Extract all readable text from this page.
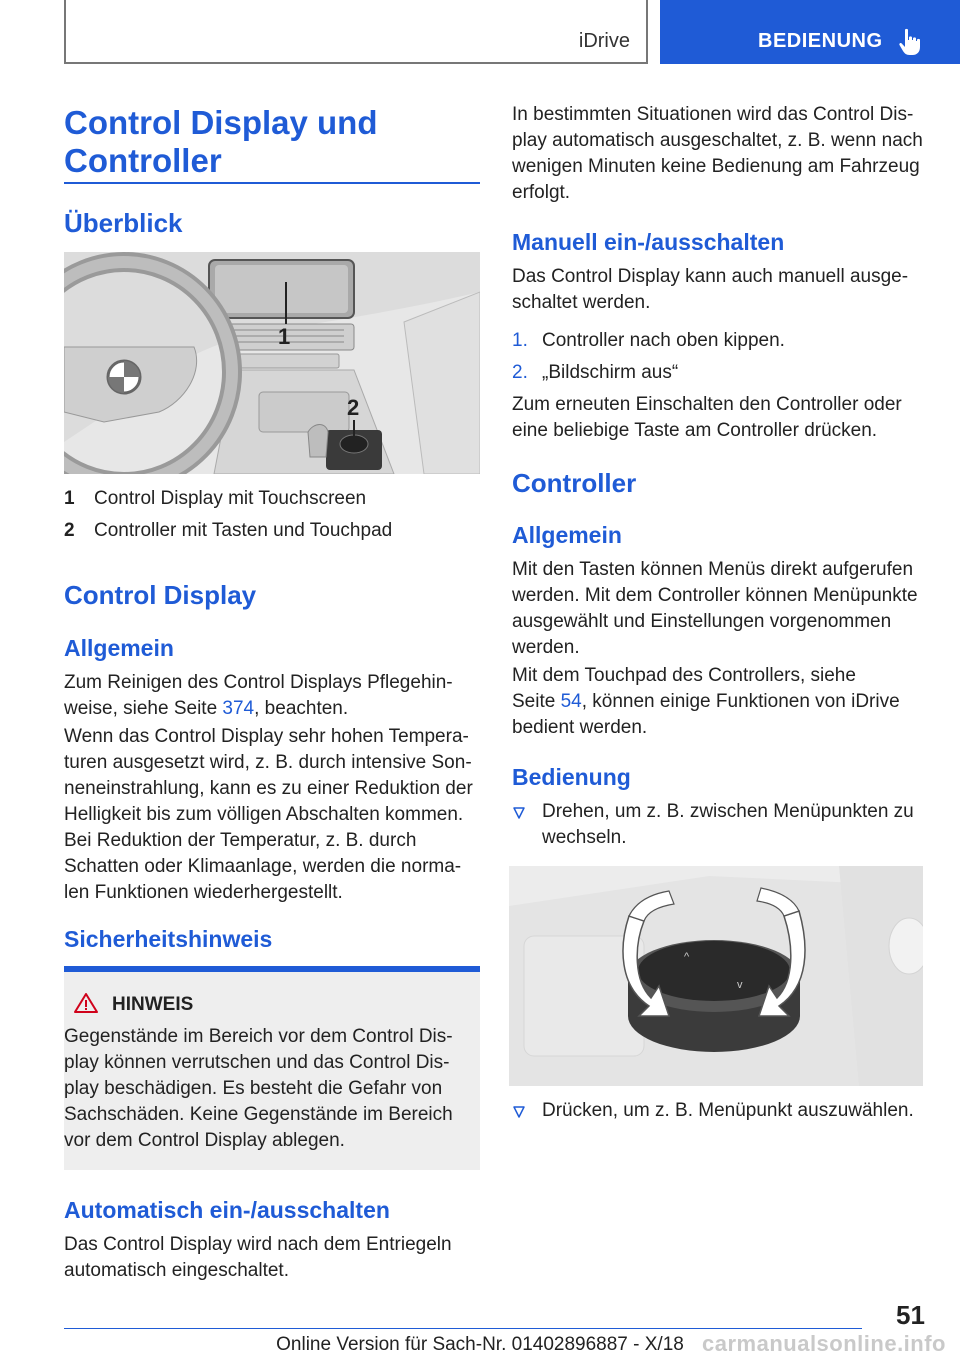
iDrive	BEDIENUNG
Control Display und
Controller
Überblick
1
2
1 Control Display mit Touchscreen
2 Controller mit Tasten und Touchpad
Control Display
Allgemein
Zum Reinigen des Control Displays Pflegehin‐
weise, siehe Seite 374, beachten.
Wenn das Control Display sehr hohen Tempera‐
turen ausgesetzt wird, z. B. durch intensive Son‐
neneinstrahlung, kann es zu einer Reduktion der
Helligkeit bis zum völligen Abschalten kommen.
Bei Reduktion der Temperatur, z. B. durch
Schatten oder Klimaanlage, werden die norma‐
len Funktionen wiederhergestellt.
Sicherheitshinweis
HINWEIS
Gegenstände im Bereich vor dem Control Dis‐
play können verrutschen und das Control Dis‐
play beschädigen. Es besteht die Gefahr von
Sachschäden. Keine Gegenstände im Bereich
vor dem Control Display ablegen.
Automatisch ein-/ausschalten
Das Control Display wird nach dem Entriegeln
automatisch eingeschaltet.
In bestimmten Situationen wird das Control Dis‐
play automatisch ausgeschaltet, z. B. wenn nach
wenigen Minuten keine Bedienung am Fahrzeug
erfolgt.
Manuell ein-/ausschalten
Das Control Display kann auch manuell ausge‐
schaltet werden.
1. Controller nach oben kippen.
2. „Bildschirm aus“
Zum erneuten Einschalten den Controller oder
eine beliebige Taste am Controller drücken.
Controller
Allgemein
Mit den Tasten können Menüs direkt aufgerufen
werden. Mit dem Controller können Menüpunkte
ausgewählt und Einstellungen vorgenommen
werden.
Mit dem Touchpad des Controllers, siehe
Seite 54, können einige Funktionen von iDrive
bedient werden.
Bedienung
Drehen, um z. B. zwischen Menüpunkten zu
wechseln.
^
v
Drücken, um z. B. Menüpunkt auszuwählen.
51
Online Version für Sach-Nr. 01402896887 - X/18 carmanualsonline.info
